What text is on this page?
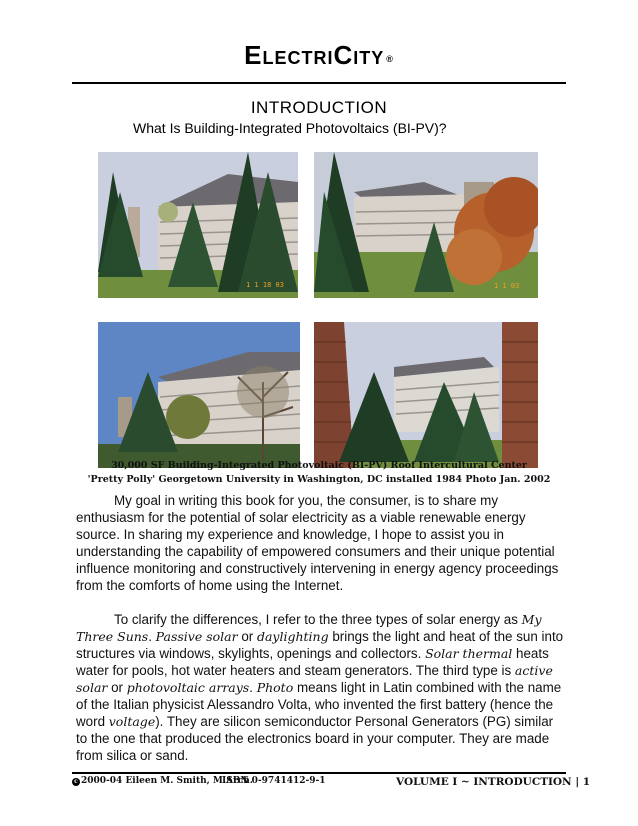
ElectriCity ®
INTRODUCTION
What Is Building-Integrated Photovoltaics (BI-PV)?
1 1 18 03	1 1 03
30,000 SF Building-Integrated Photovoltaic (BI-PV) Roof Intercultural Center
'Pretty Polly' Georgetown University in Washington, DC installed 1984 Photo Jan. 2002

My goal in writing this book for you, the consumer, is to share my enthusiasm for the potential of solar electricity as a viable renewable energy source. In sharing my experience and knowledge, I hope to assist you in understanding the capability of empowered consumers and their unique potential influence monitoring and constructively intervening in energy agency proceedings from the comforts of home using the Internet.

To clarify the differences, I refer to the three types of solar energy as My Three Suns. Passive solar or daylighting brings the light and heat of the sun into structures via windows, skylights, openings and collectors. Solar thermal heats water for pools, hot water heaters and steam generators. The third type is active solar or photovoltaic arrays. Photo means light in Latin combined with the name of the Italian physicist Alessandro Volta, who invented the first battery (hence the word voltage). They are silicon semiconductor Personal Generators (PG) similar to the one that produced the electronics board in your computer. They are made from silica or sand.

c 2000-04 Eileen M. Smith, M.Arch.
ISBN 0-9741412-9-1	VOLUME I ~ INTRODUCTION | 1
